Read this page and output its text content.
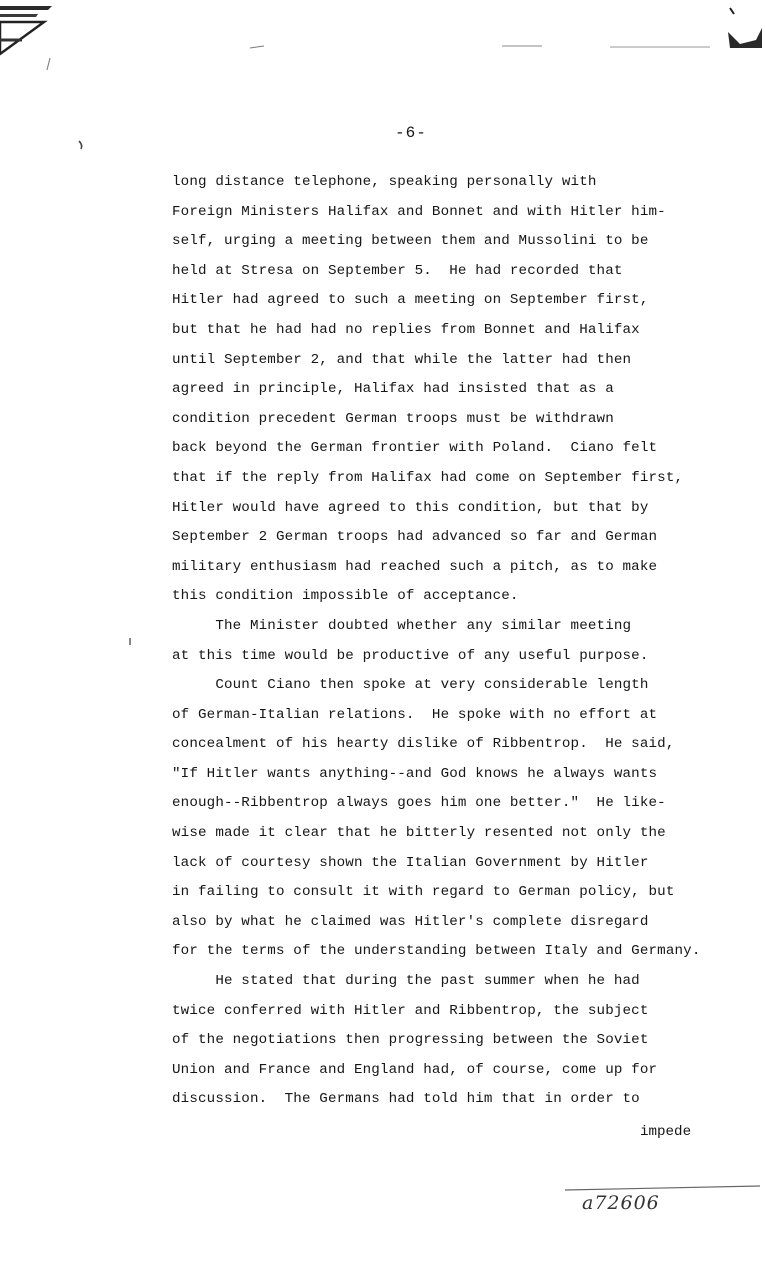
-6-
long distance telephone, speaking personally with
Foreign Ministers Halifax and Bonnet and with Hitler him-
self, urging a meeting between them and Mussolini to be
held at Stresa on September 5.  He had recorded that
Hitler had agreed to such a meeting on September first,
but that he had had no replies from Bonnet and Halifax
until September 2, and that while the latter had then
agreed in principle, Halifax had insisted that as a
condition precedent German troops must be withdrawn
back beyond the German frontier with Poland.  Ciano felt
that if the reply from Halifax had come on September first,
Hitler would have agreed to this condition, but that by
September 2 German troops had advanced so far and German
military enthusiasm had reached such a pitch, as to make
this condition impossible of acceptance.
The Minister doubted whether any similar meeting
at this time would be productive of any useful purpose.
Count Ciano then spoke at very considerable length
of German-Italian relations.  He spoke with no effort at
concealment of his hearty dislike of Ribbentrop.  He said,
"If Hitler wants anything--and God knows he always wants
enough--Ribbentrop always goes him one better."  He like-
wise made it clear that he bitterly resented not only the
lack of courtesy shown the Italian Government by Hitler
in failing to consult it with regard to German policy, but
also by what he claimed was Hitler's complete disregard
for the terms of the understanding between Italy and Germany.
He stated that during the past summer when he had
twice conferred with Hitler and Ribbentrop, the subject
of the negotiations then progressing between the Soviet
Union and France and England had, of course, come up for
discussion.  The Germans had told him that in order to
impede
a72606
